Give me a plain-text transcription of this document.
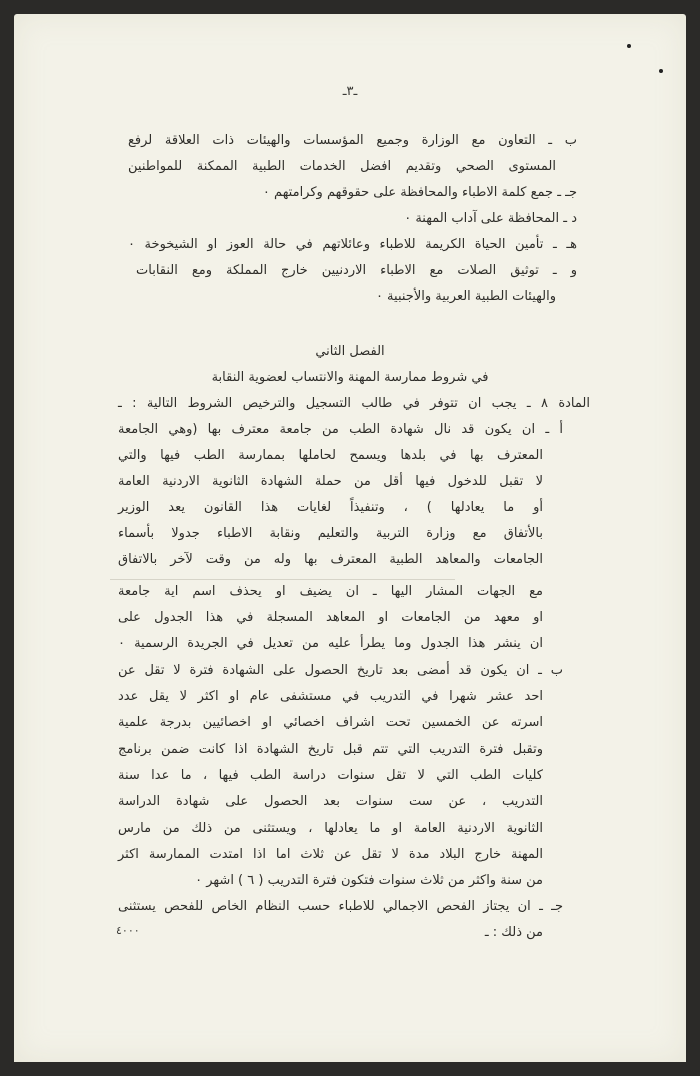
ـ٣ـ
ب ـ التعاون مع الوزارة وجميع المؤسسات والهيئات ذات العلاقة لرفع
المستوى الصحي وتقديم افضل الخدمات الطبية الممكنة للمواطنين
جـ ـ جمع كلمة الاطباء والمحافظة على حقوقهم وكرامتهم ٠
د ـ المحافظة على آداب المهنة ٠
هـ ـ تأمين الحياة الكريمة للاطباء وعائلاتهم في حالة العوز او الشيخوخة ٠
و ـ توثيق الصلات مع الاطباء الاردنيين خارج المملكة ومع النقابات
والهيئات الطبية العربية والأجنبية ٠
الفصل الثاني
في شروط ممارسة المهنة والانتساب لعضوية النقابة
المادة ٨ ـ يجب ان تتوفر في طالب التسجيل والترخيص الشروط التالية : ـ
أ ـ ان يكون قد نال شهادة الطب من جامعة معترف بها (وهي الجامعة
المعترف بها في بلدها ويسمح لحاملها بممارسة الطب فيها والتي
لا تقبل للدخول فيها أقل من حملة الشهادة الثانوية الاردنية العامة
أو ما يعادلها ) ، وتنفيذاً لغايات هذا القانون يعد الوزير
بالأتفاق مع وزارة التربية والتعليم ونقابة الاطباء جدولا بأسماء
الجامعات والمعاهد الطبية المعترف بها وله من وقت لآخر بالاتفاق
مع الجهات المشار اليها ـ ان يضيف او يحذف اسم اية جامعة
او معهد من الجامعات او المعاهد المسجلة في هذا الجدول على
ان ينشر هذا الجدول وما يطرأ عليه من تعديل في الجريدة الرسمية ٠
ب ـ ان يكون قد أمضى بعد تاريخ الحصول على الشهادة فترة لا تقل عن
احد عشر شهرا في التدريب في مستشفى عام او اكثر لا يقل عدد
اسرته عن الخمسين تحت اشراف اخصائي او اخصائيين بدرجة علمية
وتقبل فترة التدريب التي تتم قبل تاريخ الشهادة اذا كانت ضمن برنامج
كليات الطب التي لا تقل سنوات دراسة الطب فيها ، ما عدا سنة
التدريب ، عن ست سنوات بعد الحصول على شهادة الدراسة
الثانوية الاردنية العامة او ما يعادلها ، ويستثنى من ذلك من مارس
المهنة خارج البلاد مدة لا تقل عن ثلاث اما اذا امتدت الممارسة اكثر
من سنة واكثر من ثلاث سنوات فتكون فترة التدريب ( ٦ ) اشهر ٠
جـ ـ ان يجتاز الفحص الاجمالي للاطباء حسب النظام الخاص للفحص يستثنى
من ذلك : ـ
٤٠٠٠
